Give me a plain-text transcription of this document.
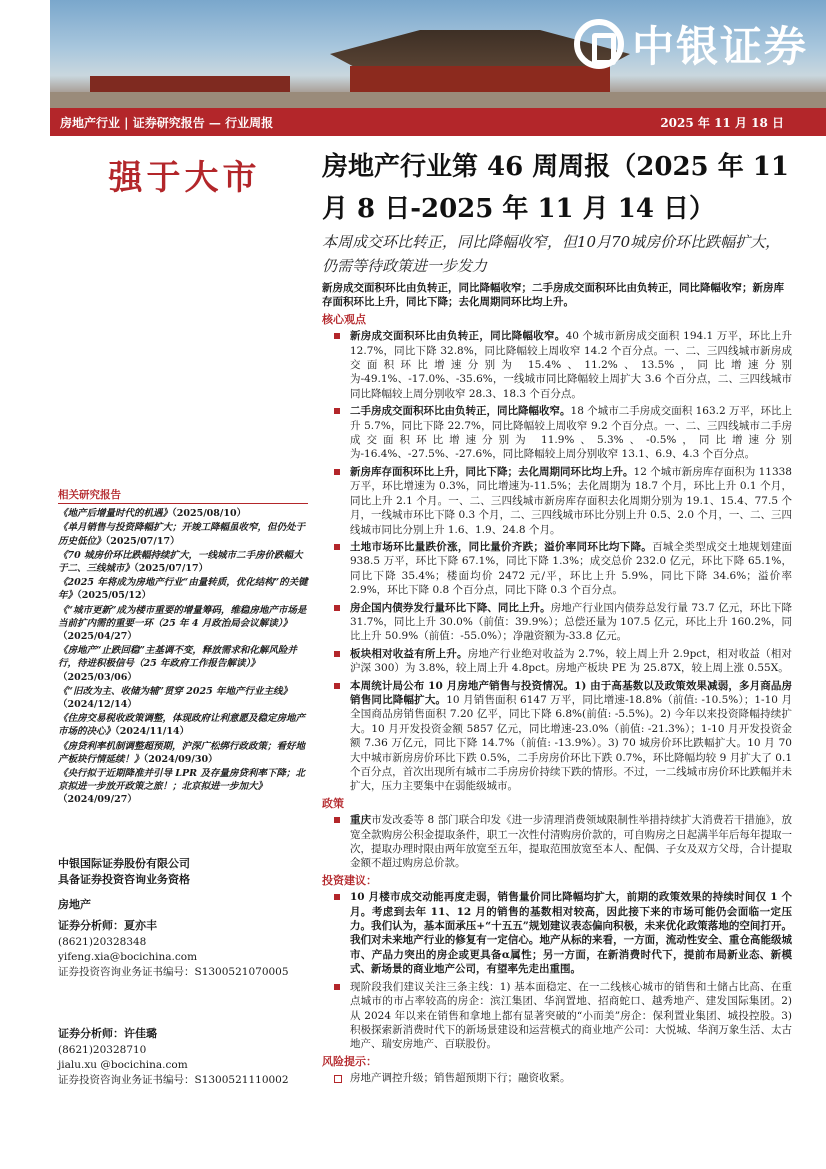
中银证券
房地产行业 | 证券研究报告 — 行业周报	2025 年 11 月 18 日
强于大市 房地产行业第 46 周周报（2025 年 11 月 8 日-2025 年 11 月 14 日）
本周成交环比转正，同比降幅收窄，但10月70城房价环比跌幅扩大，仍需等待政策进一步发力
新房成交面积环比由负转正，同比降幅收窄；二手房成交面积环比由负转正，同比降幅收窄；新房库存面积环比上升，同比下降；去化周期同环比均上升。
核心观点
新房成交面积环比由负转正，同比降幅收窄。40 个城市新房成交面积 194.1 万平，环比上升 12.7%，同比下降 32.8%，同比降幅较上周收窄 14.2 个百分点。一、二、三四线城市新房成交面积环比增速分别为 15.4%、11.2%、13.5%，同比增速分别为-49.1%、-17.0%、-35.6%，一线城市同比降幅较上周扩大 3.6 个百分点，二、三四线城市同比降幅较上周分别收窄 28.3、18.3 个百分点。
二手房成交面积环比由负转正，同比降幅收窄。18 个城市二手房成交面积 163.2 万平，环比上升 5.7%，同比下降 22.7%，同比降幅较上周收窄 9.2 个百分点。一、二、三四线城市二手房成交面积环比增速分别为 11.9%、5.3%、-0.5%，同比增速分别为-16.4%、-27.5%、-27.6%，同比降幅较上周分别收窄 13.1、6.9、4.3 个百分点。
新房库存面积环比上升，同比下降；去化周期同环比均上升。12 个城市新房库存面积为 11338 万平，环比增速为 0.3%，同比增速为-11.5%；去化周期为 18.7 个月，环比上升 0.1 个月，同比上升 2.1 个月。一、二、三四线城市新房库存面积去化周期分别为 19.1、15.4、77.5 个月，一线城市环比下降 0.3 个月，二、三四线城市环比分别上升 0.5、2.0 个月，一、二、三四线城市同比分别上升 1.6、1.9、24.8 个月。
土地市场环比量跌价涨，同比量价齐跌；溢价率同环比均下降。百城全类型成交土地规划建面 938.5 万平，环比下降 67.1%，同比下降 1.3%；成交总价 232.0 亿元，环比下降 65.1%，同比下降 35.4%；楼面均价 2472 元/平，环比上升 5.9%，同比下降 34.6%；溢价率 2.9%，环比下降 0.8 个百分点，同比下降 0.3 个百分点。
房企国内债券发行量环比下降、同比上升。房地产行业国内债券总发行量 73.7 亿元，环比下降 31.7%，同比上升 30.0%（前值：39.9%）；总偿还量为 107.5 亿元，环比上升 160.2%，同比上升 50.9%（前值：-55.0%）；净融资额为-33.8 亿元。
板块相对收益有所上升。房地产行业绝对收益为 2.7%，较上周上升 2.9pct，相对收益（相对沪深 300）为 3.8%，较上周上升 4.8pct。房地产板块 PE 为 25.87X，较上周上涨 0.55X。
本周统计局公布 10 月房地产销售与投资情况。1) 由于高基数以及政策效果减弱，多月商品房销售同比降幅扩大。10 月销售面积 6147 万平，同比增速-18.8%（前值: -10.5%）；1-10 月全国商品房销售面积 7.20 亿平，同比下降 6.8%(前值: -5.5%)。2) 今年以来投资降幅持续扩大。10 月开发投资金额 5857 亿元，同比增速-23.0%（前值: -21.3%）；1-10 月开发投资金额 7.36 万亿元，同比下降 14.7%（前值: -13.9%）。3) 70 城房价环比跌幅扩大。10 月 70 大中城市新房房价环比下跌 0.5%，二手房房价环比下跌 0.7%，环比降幅均较 9 月扩大了 0.1 个百分点，首次出现所有城市二手房房价持续下跌的情形。不过，一二线城市房价环比跌幅并未扩大，压力主要集中在弱能级城市。
政策
重庆市发改委等 8 部门联合印发《进一步清理消费领域限制性举措持续扩大消费若干措施》，放宽全款购房公积金提取条件，职工一次性付清购房价款的，可自购房之日起满半年后每年提取一次，提取办理时限由两年放宽至五年，提取范围放宽至本人、配偶、子女及双方父母，合计提取金额不超过购房总价款。
投资建议：
10 月楼市成交动能再度走弱，销售量价同比降幅均扩大，前期的政策效果的持续时间仅 1 个月。考虑到去年 11、12 月的销售的基数相对较高，因此接下来的市场可能仍会面临一定压力。我们认为，基本面承压+“十五五”规划建议表态偏向积极，未来优化政策落地的空间打开。我们对未来地产行业的修复有一定信心。地产从标的来看，一方面，流动性安全、重仓高能级城市、产品力突出的房企或更具备α属性；另一方面，在新消费时代下，提前布局新业态、新模式、新场景的商业地产公司，有望率先走出重围。
现阶段我们建议关注三条主线：1) 基本面稳定、在一二线核心城市的销售和土储占比高、在重点城市的市占率较高的房企：滨江集团、华润置地、招商蛇口、越秀地产、建发国际集团。2) 从 2024 年以来在销售和拿地上都有显著突破的“小而美”房企：保利置业集团、城投控股。3) 积极探索新消费时代下的新场景建设和运营模式的商业地产公司：大悦城、华润万象生活、太古地产、瑞安房地产、百联股份。
风险提示：
房地产调控升级；销售超预期下行；融资收紧。
相关研究报告

《地产后增量时代的机遇》（2025/08/10）

《单月销售与投资降幅扩大；开竣工降幅虽收窄，但仍处于历史低位》（2025/07/17）

《70 城房价环比跌幅持续扩大，一线城市二手房价跌幅大于二、三线城市》（2025/07/17）

《2025 年将成为房地产行业“由量转质，优化结构”的关键年》（2025/05/12）

《“城市更新”成为楼市重要的增量筹码，维稳房地产市场是当前扩内需的重要一环（25 年 4 月政治局会议解读）》（2025/04/27）

《房地产“止跌回稳”主基调不变，释放需求和化解风险并行，待进积极信号（25 年政府工作报告解读）》（2025/03/06）

《“旧改为主、收储为辅”贯穿 2025 年地产行业主线》（2024/12/14）

《住房交易税收政策调整，体现政府让利意愿及稳定房地产市场的决心》（2024/11/14）

《房贷利率机制调整超预期，沪深广松绑行政政策；看好地产板块行情延续！》（2024/09/30）

《央行拟于近期降准并引导 LPR 及存量房贷利率下降；北京拟进一步放开政策之旅！；北京拟进一步加大》（2024/09/27）

中银国际证券股份有限公司
具备证券投资咨询业务资格
房地产
证券分析师：夏亦丰
(8621)20328348
yifeng.xia@bocichina.com
证券投资咨询业务证书编号：S1300521070005
证券分析师：许佳璐
(8621)20328710
jialu.xu @bocichina.com
证券投资咨询业务证书编号：S1300521110002
